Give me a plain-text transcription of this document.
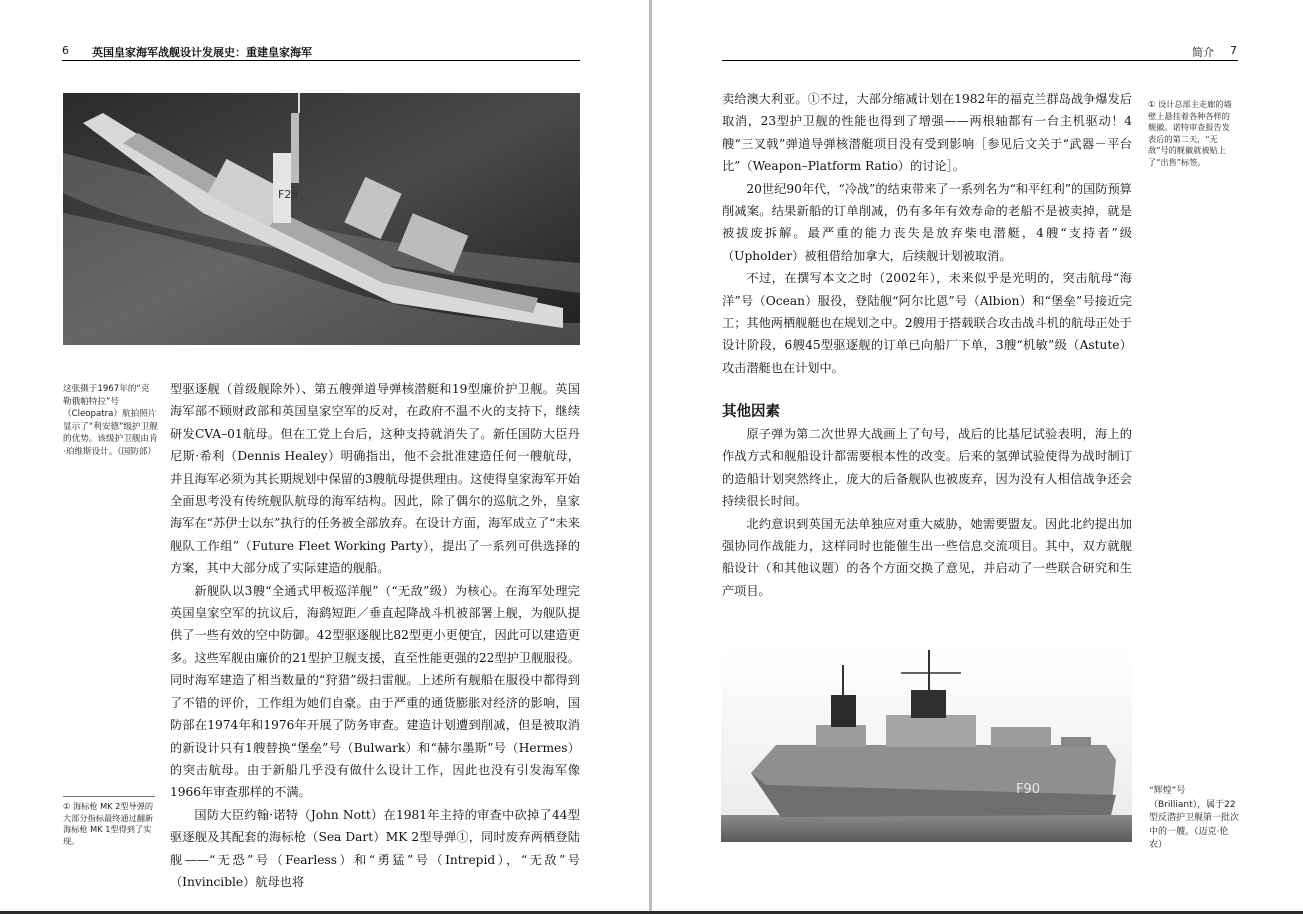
6 英国皇家海军战舰设计发展史：重建皇家海军
F28
这张摄于1967年的“克勒俄帕特拉”号（Cleopatra）航拍照片显示了“利安德”级护卫舰的优势。该级护卫舰由肯·珀维斯设计。（国防部）
① 海标枪 MK 2型导弹的大部分指标最终通过翻新海标枪 MK 1型得到了实现。

型驱逐舰（首级舰除外）、第五艘弹道导弹核潜艇和19型廉价护卫舰。英国海军部不顾财政部和英国皇家空军的反对，在政府不温不火的支持下，继续研发CVA–01航母。但在工党上台后，这种支持就消失了。新任国防大臣丹尼斯·希利（Dennis Healey）明确指出，他不会批准建造任何一艘航母，并且海军必须为其长期规划中保留的3艘航母提供理由。这使得皇家海军开始全面思考没有传统舰队航母的海军结构。因此，除了偶尔的巡航之外，皇家海军在“苏伊士以东”执行的任务被全部放弃。在设计方面，海军成立了“未来舰队工作组”（Future Fleet Working Party），提出了一系列可供选择的方案，其中大部分成了实际建造的舰船。

新舰队以3艘“全通式甲板巡洋舰”（“无敌”级）为核心。在海军处理完英国皇家空军的抗议后，海鹞短距／垂直起降战斗机被部署上舰，为舰队提供了一些有效的空中防御。42型驱逐舰比82型更小更便宜，因此可以建造更多。这些军舰由廉价的21型护卫舰支援，直至性能更强的22型护卫舰服役。同时海军建造了相当数量的“狩猎”级扫雷舰。上述所有舰船在服役中都得到了不错的评价，工作组为她们自豪。由于严重的通货膨胀对经济的影响，国防部在1974年和1976年开展了防务审查。建造计划遭到削减，但是被取消的新设计只有1艘替换“堡垒”号（Bulwark）和“赫尔墨斯”号（Hermes）的突击航母。由于新船几乎没有做什么设计工作，因此也没有引发海军像1966年审查那样的不满。

国防大臣约翰·诺特（John Nott）在1981年主持的审查中砍掉了44型驱逐舰及其配套的海标枪（Sea Dart）MK 2型导弹①，同时废弃两栖登陆舰——“无恐”号（Fearless）和“勇猛”号（Intrepid），“无敌”号（Invincible）航母也将

简介 7

卖给澳大利亚。①不过，大部分缩减计划在1982年的福克兰群岛战争爆发后取消，23型护卫舰的性能也得到了增强——两根轴都有一台主机驱动！4艘“三叉戟”弹道导弹核潜艇项目没有受到影响［参见后文关于“武器－平台比”（Weapon–Platform Ratio）的讨论］。

20世纪90年代，“冷战”的结束带来了一系列名为“和平红利”的国防预算削减案。结果新船的订单削减，仍有多年有效寿命的老船不是被卖掉，就是被拔废拆解。最严重的能力丧失是放弃柴电潜艇，4艘“支持者”级（Upholder）被租借给加拿大，后续舰计划被取消。

不过，在撰写本文之时（2002年），未来似乎是光明的，突击航母“海洋”号（Ocean）服役，登陆舰“阿尔比恩”号（Albion）和“堡垒”号接近完工；其他两栖舰艇也在规划之中。2艘用于搭载联合攻击战斗机的航母正处于设计阶段，6艘45型驱逐舰的订单已向船厂下单，3艘“机敏”级（Astute）攻击潜艇也在计划中。

其他因素

原子弹为第二次世界大战画上了句号，战后的比基尼试验表明，海上的作战方式和舰船设计都需要根本性的改变。后来的氢弹试验使得为战时制订的造船计划突然终止，庞大的后备舰队也被废弃，因为没有人相信战争还会持续很长时间。

北约意识到英国无法单独应对重大威胁，她需要盟友。因此北约提出加强协同作战能力，这样同时也能催生出一些信息交流项目。其中，双方就舰船设计（和其他议题）的各个方面交换了意见，并启动了一些联合研究和生产项目。

① 设计总部主走廊的墙壁上悬挂着各种各样的舰徽。诺特审查报告发表后的第二天，“无敌”号的舰徽就被贴上了“出售”标签。
F90	“辉煌”号（Brilliant），属于22型反潜护卫舰第一批次中的一艘。（迈克·伦农）
